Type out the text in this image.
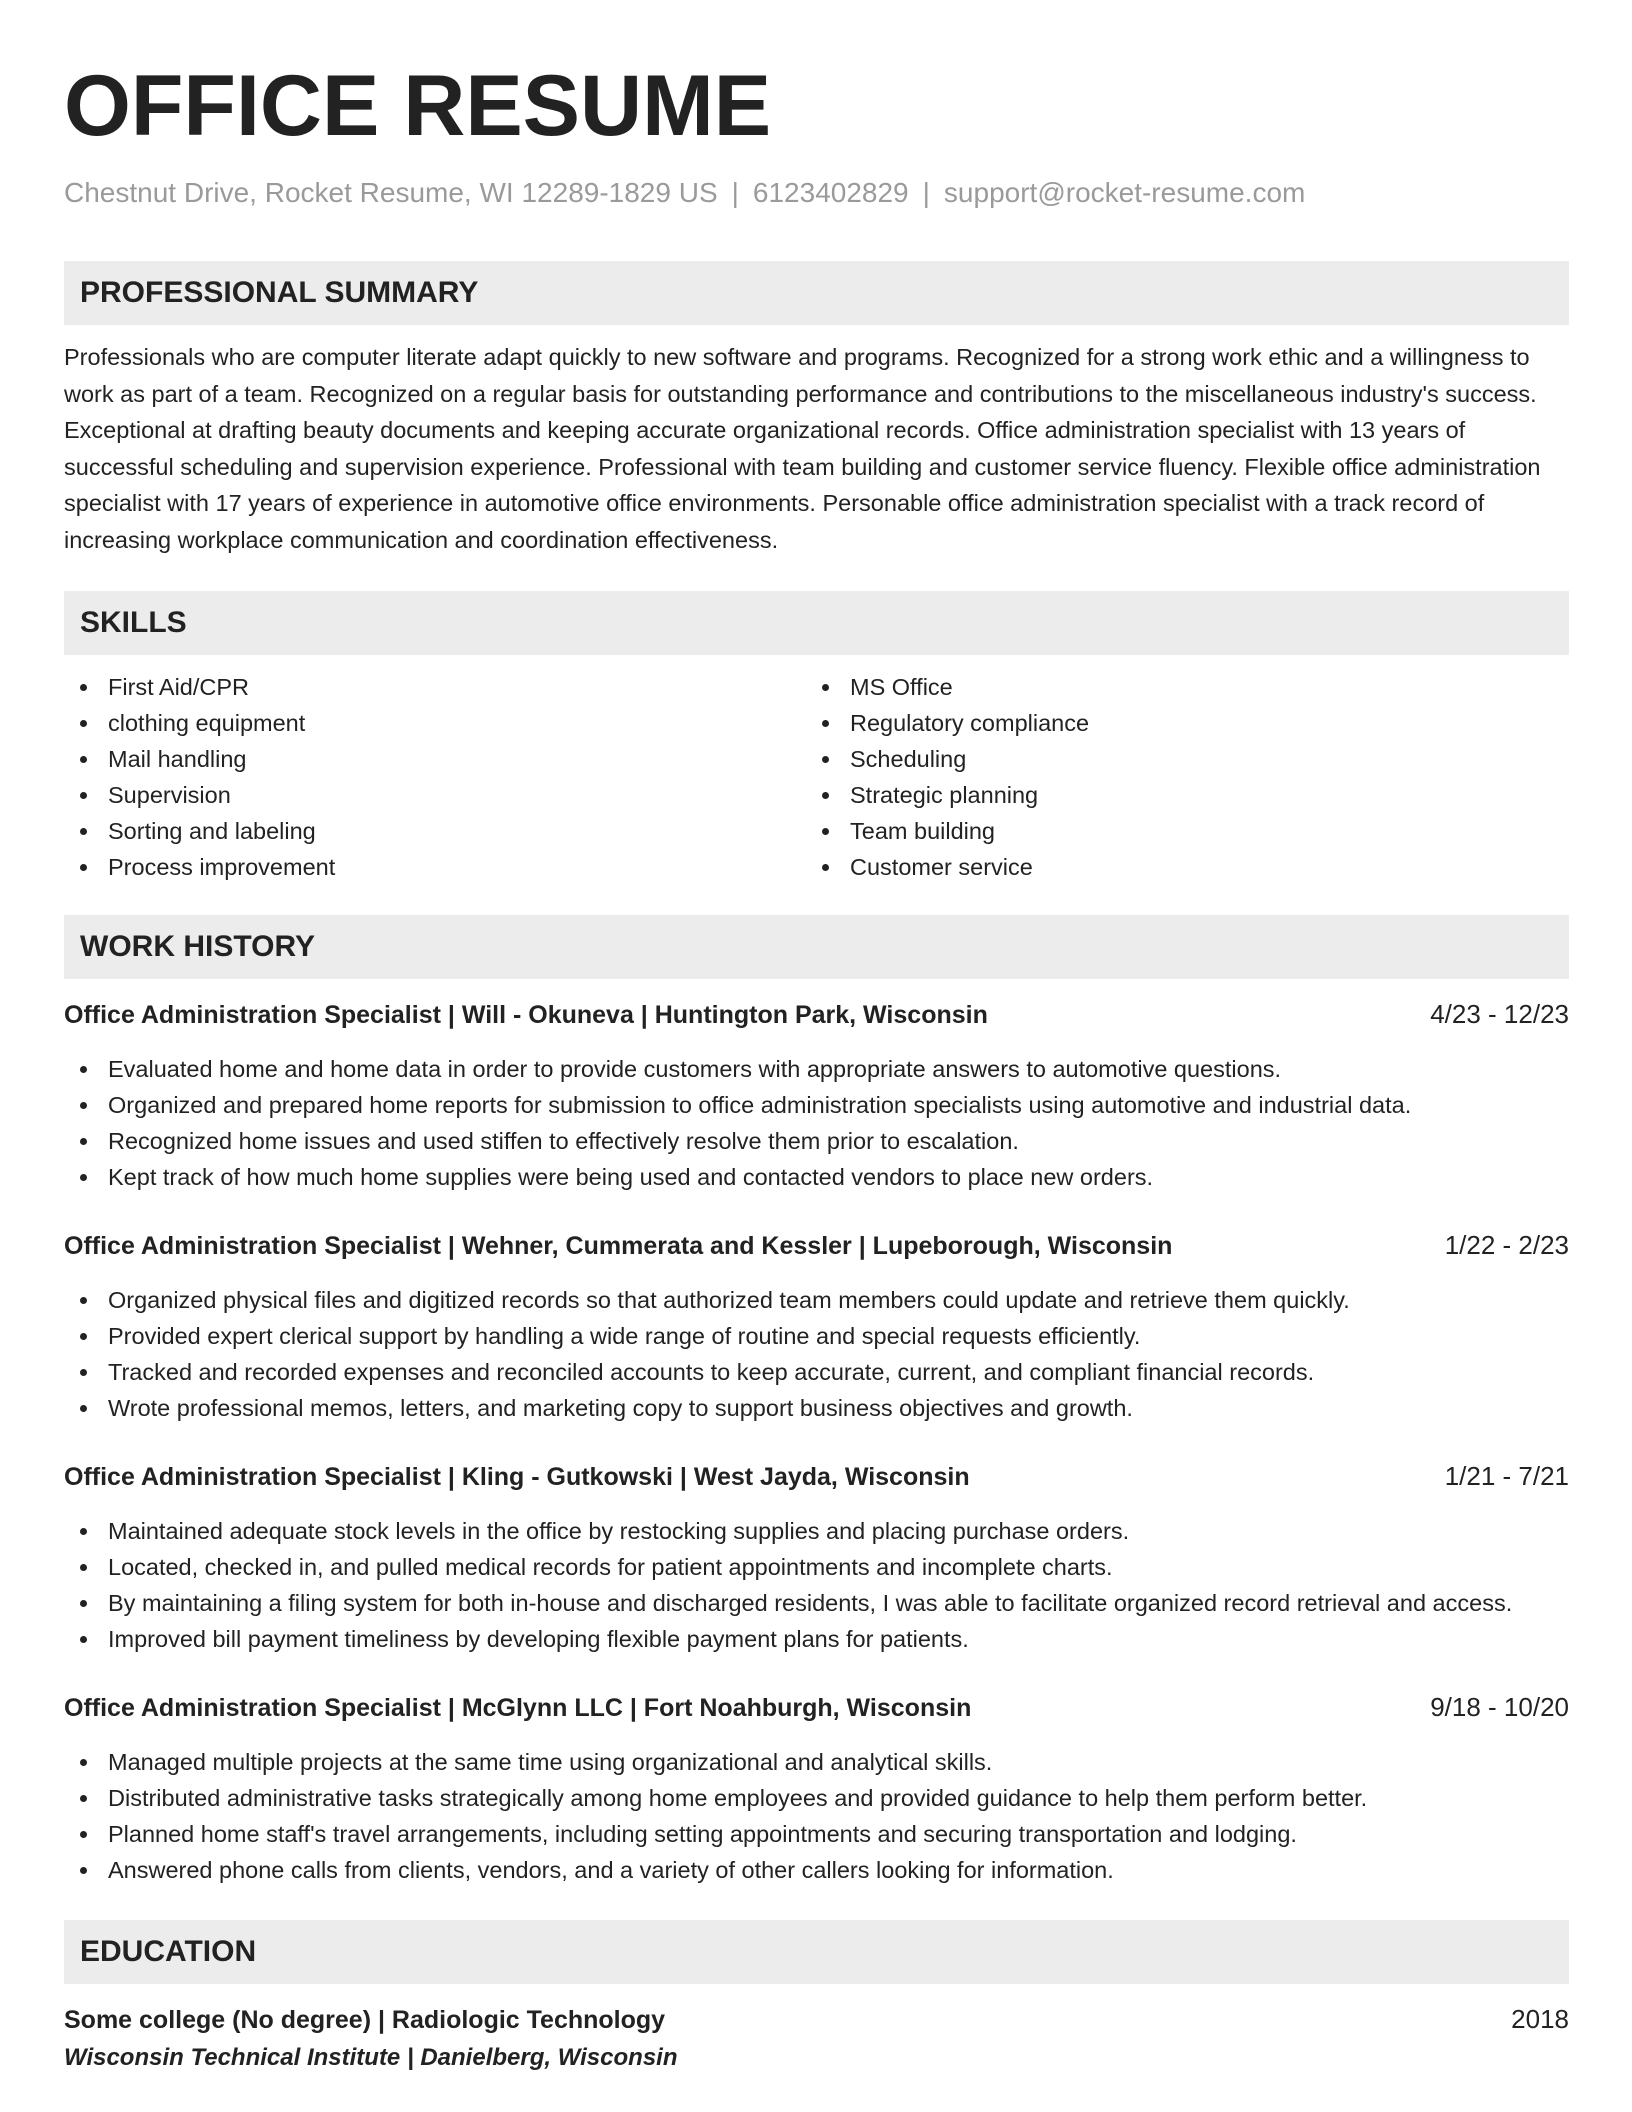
OFFICE RESUME
Chestnut Drive, Rocket Resume, WI 12289-1829 US | 6123402829 | support@rocket-resume.com
PROFESSIONAL SUMMARY

Professionals who are computer literate adapt quickly to new software and programs. Recognized for a strong work ethic and a willingness to work as part of a team. Recognized on a regular basis for outstanding performance and contributions to the miscellaneous industry's success. Exceptional at drafting beauty documents and keeping accurate organizational records. Office administration specialist with 13 years of successful scheduling and supervision experience. Professional with team building and customer service fluency. Flexible office administration specialist with 17 years of experience in automotive office environments. Personable office administration specialist with a track record of increasing workplace communication and coordination effectiveness.

SKILLS
First Aid/CPR
clothing equipment
Mail handling
Supervision
Sorting and labeling
Process improvement
MS Office
Regulatory compliance
Scheduling
Strategic planning
Team building
Customer service
WORK HISTORY
Office Administration Specialist | Will - Okuneva | Huntington Park, Wisconsin	4/23 - 12/23
Evaluated home and home data in order to provide customers with appropriate answers to automotive questions.
Organized and prepared home reports for submission to office administration specialists using automotive and industrial data.
Recognized home issues and used stiffen to effectively resolve them prior to escalation.
Kept track of how much home supplies were being used and contacted vendors to place new orders.
Office Administration Specialist | Wehner, Cummerata and Kessler | Lupeborough, Wisconsin	1/22 - 2/23
Organized physical files and digitized records so that authorized team members could update and retrieve them quickly.
Provided expert clerical support by handling a wide range of routine and special requests efficiently.
Tracked and recorded expenses and reconciled accounts to keep accurate, current, and compliant financial records.
Wrote professional memos, letters, and marketing copy to support business objectives and growth.
Office Administration Specialist | Kling - Gutkowski | West Jayda, Wisconsin	1/21 - 7/21
Maintained adequate stock levels in the office by restocking supplies and placing purchase orders.
Located, checked in, and pulled medical records for patient appointments and incomplete charts.
By maintaining a filing system for both in-house and discharged residents, I was able to facilitate organized record retrieval and access.
Improved bill payment timeliness by developing flexible payment plans for patients.
Office Administration Specialist | McGlynn LLC | Fort Noahburgh, Wisconsin	9/18 - 10/20
Managed multiple projects at the same time using organizational and analytical skills.
Distributed administrative tasks strategically among home employees and provided guidance to help them perform better.
Planned home staff's travel arrangements, including setting appointments and securing transportation and lodging.
Answered phone calls from clients, vendors, and a variety of other callers looking for information.
EDUCATION
Some college (No degree) | Radiologic Technology	2018
Wisconsin Technical Institute | Danielberg, Wisconsin
